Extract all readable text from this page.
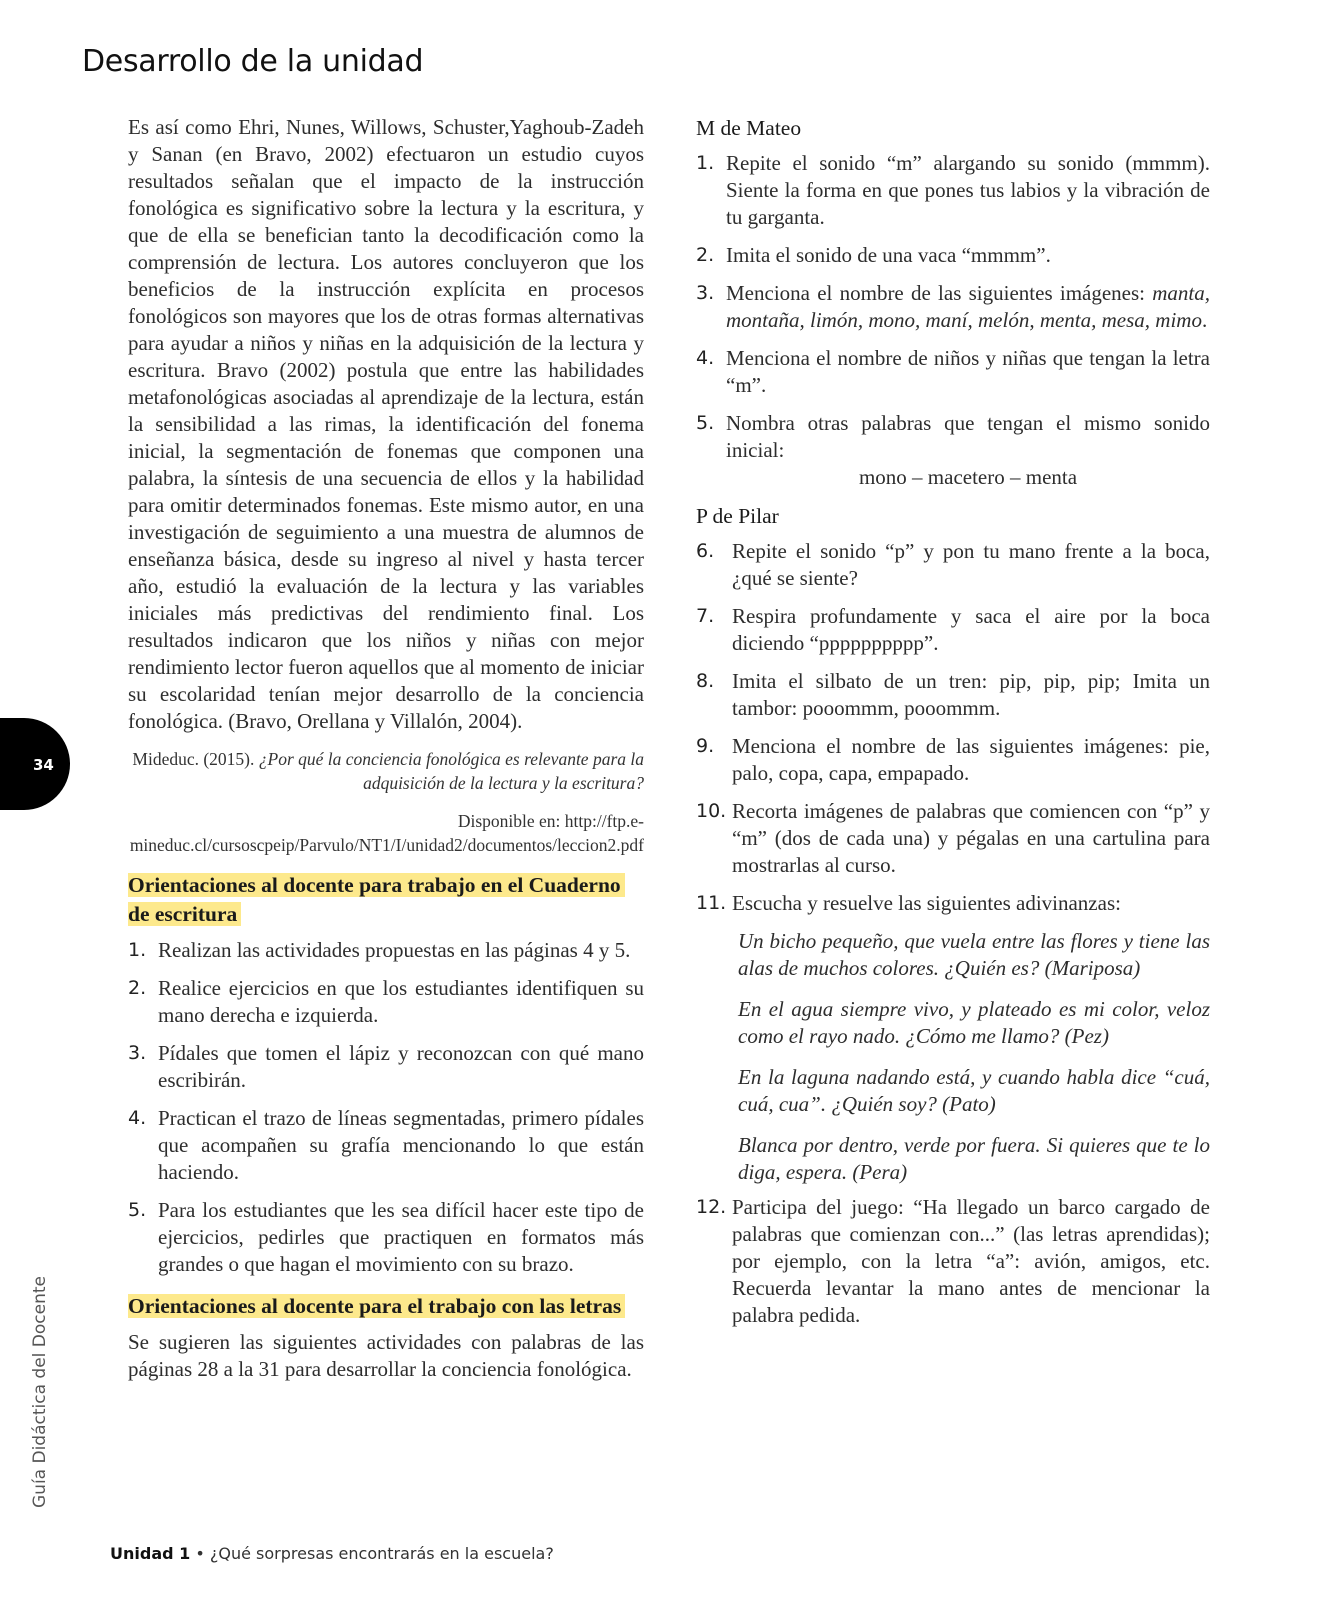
Desarrollo de la unidad

Es así como Ehri, Nunes, Willows, Schuster,Yaghoub-Zadeh y Sanan (en Bravo, 2002) efectuaron un estudio cuyos resultados señalan que el impacto de la instrucción fonológica es significativo sobre la lectura y la escritura, y que de ella se benefician tanto la decodificación como la comprensión de lectura. Los autores concluyeron que los beneficios de la instrucción explícita en procesos fonológicos son mayores que los de otras formas alternativas para ayudar a niños y niñas en la adquisición de la lectura y escritura. Bravo (2002) postula que entre las habilidades metafonológicas asociadas al aprendizaje de la lectura, están la sensibilidad a las rimas, la identificación del fonema inicial, la segmentación de fonemas que componen una palabra, la síntesis de una secuencia de ellos y la habilidad para omitir determinados fonemas. Este mismo autor, en una investigación de seguimiento a una muestra de alumnos de enseñanza básica, desde su ingreso al nivel y hasta tercer año, estudió la evaluación de la lectura y las variables iniciales más predictivas del rendimiento final. Los resultados indicaron que los niños y niñas con mejor rendimiento lector fueron aquellos que al momento de iniciar su escolaridad tenían mejor desarrollo de la conciencia fonológica. (Bravo, Orellana y Villalón, 2004).

Mideduc. (2015). ¿Por qué la conciencia fonológica es relevante para la adquisición de la lectura y la escritura?

Disponible en: http://ftp.e-mineduc.cl/cursoscpeip/Parvulo/NT1/I/unidad2/documentos/leccion2.pdf

Orientaciones al docente para trabajo en el Cuaderno de escritura
1. Realizan las actividades propuestas en las páginas 4 y 5.
2. Realice ejercicios en que los estudiantes identifiquen su mano derecha e izquierda.
3. Pídales que tomen el lápiz y reconozcan con qué mano escribirán.
4. Practican el trazo de líneas segmentadas, primero pídales que acompañen su grafía mencionando lo que están haciendo.
5. Para los estudiantes que les sea difícil hacer este tipo de ejercicios, pedirles que practiquen en formatos más grandes o que hagan el movimiento con su brazo.
Orientaciones al docente para el trabajo con las letras

Se sugieren las siguientes actividades con palabras de las páginas 28 a la 31 para desarrollar la conciencia fonológica.

M de Mateo
1. Repite el sonido “m” alargando su sonido (mmmm). Siente la forma en que pones tus labios y la vibración de tu garganta.
2. Imita el sonido de una vaca “mmmm”.
3. Menciona el nombre de las siguientes imágenes: manta, montaña, limón, mono, maní, melón, menta, mesa, mimo.
4. Menciona el nombre de niños y niñas que tengan la letra “m”.
5. Nombra otras palabras que tengan el mismo sonido inicial:
mono – macetero – menta
P de Pilar
6. Repite el sonido “p” y pon tu mano frente a la boca, ¿qué se siente?
7. Respira profundamente y saca el aire por la boca diciendo “pppppppppp”.
8. Imita el silbato de un tren: pip, pip, pip; Imita un tambor: pooommm, pooommm.
9. Menciona el nombre de las siguientes imágenes: pie, palo, copa, capa, empapado.
10. Recorta imágenes de palabras que comiencen con “p” y “m” (dos de cada una) y pégalas en una cartulina para mostrarlas al curso.
11. Escucha y resuelve las siguientes adivinanzas:

Un bicho pequeño, que vuela entre las flores y tiene las alas de muchos colores. ¿Quién es? (Mariposa)

En el agua siempre vivo, y plateado es mi color, veloz como el rayo nado. ¿Cómo me llamo? (Pez)

En la laguna nadando está, y cuando habla dice “cuá, cuá, cua”. ¿Quién soy? (Pato)

Blanca por dentro, verde por fuera. Si quieres que te lo diga, espera. (Pera)

12. Participa del juego: “Ha llegado un barco cargado de palabras que comienzan con...” (las letras aprendidas); por ejemplo, con la letra “a”: avión, amigos, etc. Recuerda levantar la mano antes de mencionar la palabra pedida.
34
Guía Didáctica del Docente
Unidad 1 • ¿Qué sorpresas encontrarás en la escuela?
